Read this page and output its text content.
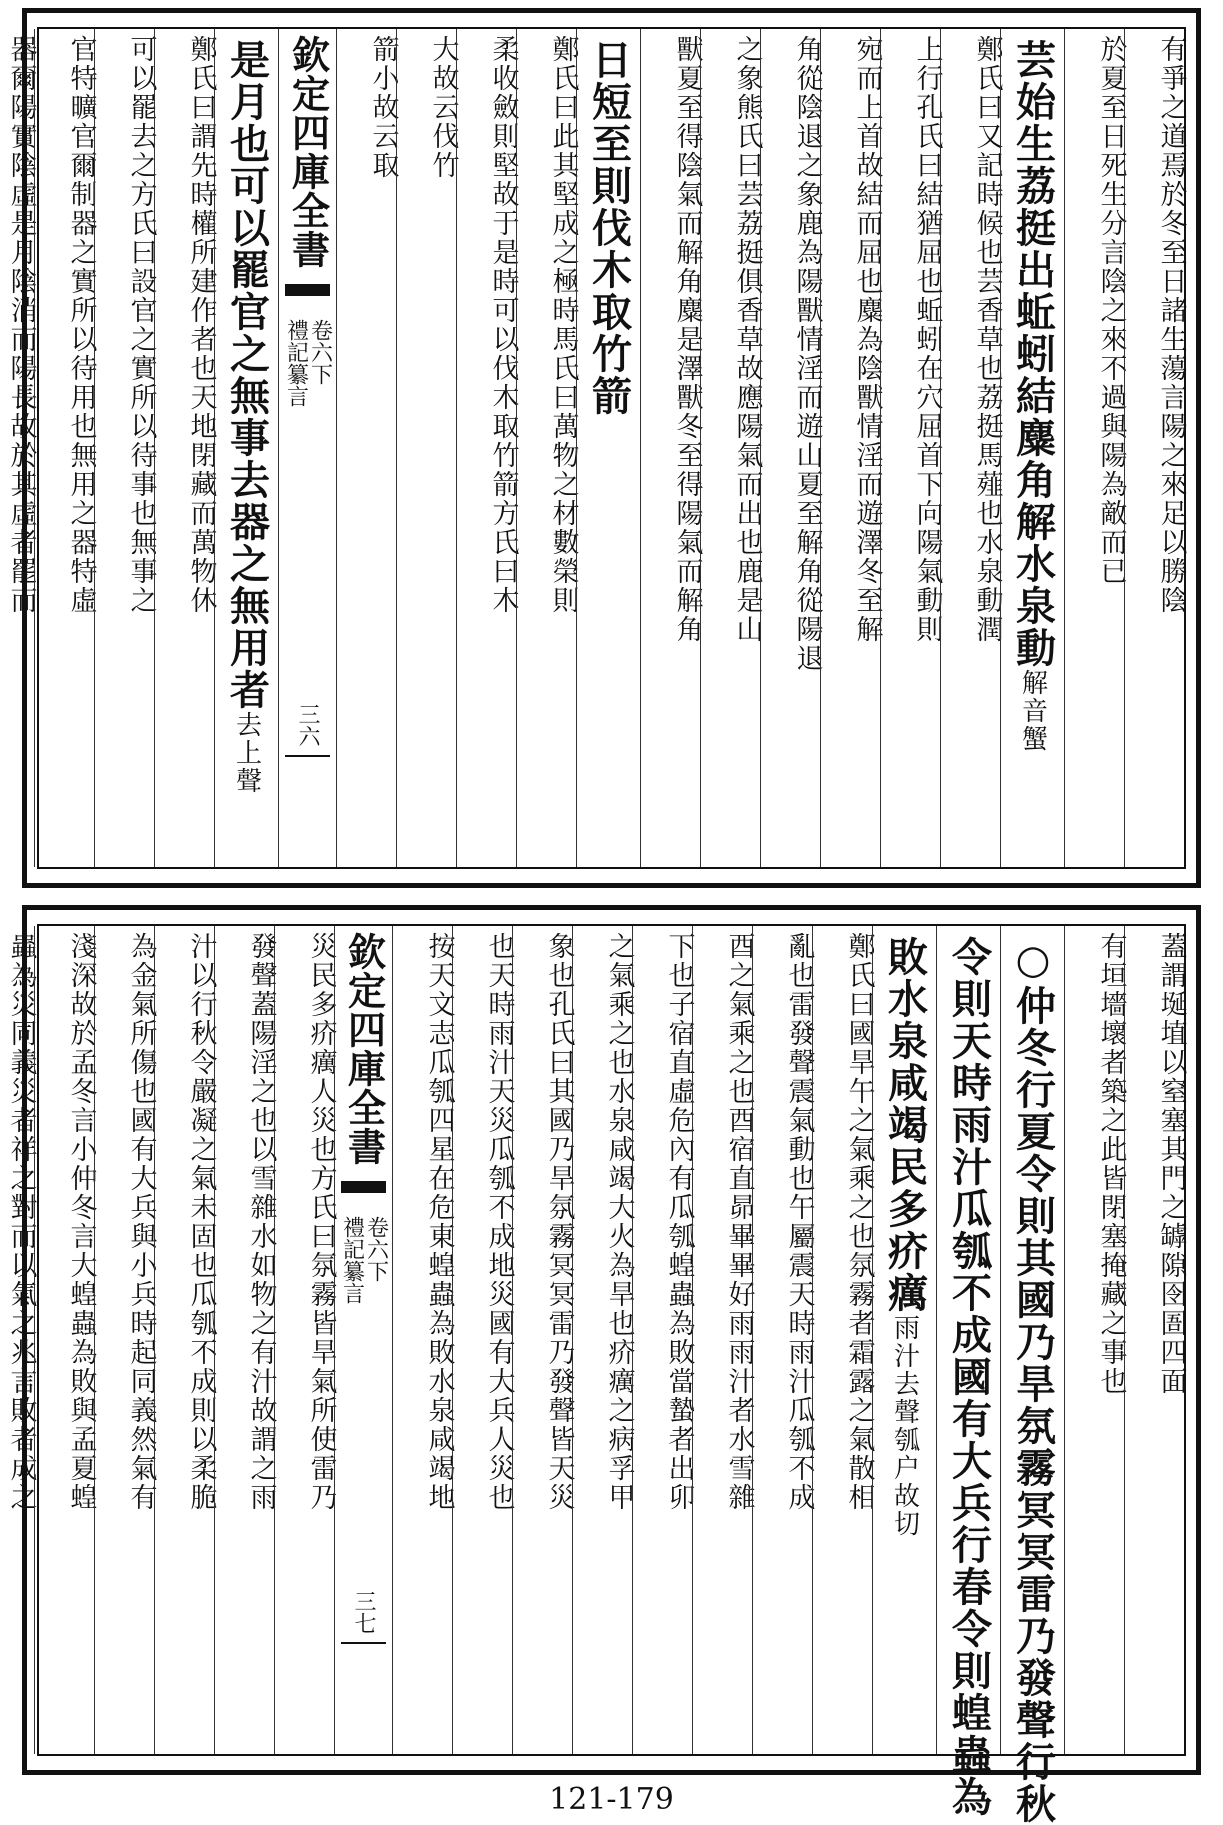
有爭之道焉於冬至日諸生蕩言陽之來足以勝陰
於夏至日死生分言陰之來不過與陽為敵而已
芸始生荔挺出蚯蚓結麋角解水泉動解音蟹
鄭氏曰又記時候也芸香草也荔挺馬薤也水泉動潤
上行孔氏曰結猶屈也蚯蚓在穴屈首下向陽氣動則
宛而上首故結而屈也麋為陰獸情淫而遊澤冬至解
角從陰退之象鹿為陽獸情淫而遊山夏至解角從陽退
之象熊氏曰芸荔挺俱香草故應陽氣而出也鹿是山
獸夏至得陰氣而解角麋是澤獸冬至得陽氣而解角
日短至則伐木取竹箭
鄭氏曰此其堅成之極時馬氏曰萬物之材數榮則
柔收斂則堅故于是時可以伐木取竹箭方氏曰木
大故云伐竹
箭小故云取
欽定四庫全書
禮記纂言 卷六下
三六
是月也可以罷官之無事去器之無用者去上聲
鄭氏曰謂先時權所建作者也天地閉藏而萬物休
可以罷去之方氏曰設官之實所以待事也無事之
官特曠官爾制器之實所以待用也無用之器特虛
器爾陽實陰虛是月陰消而陽長故於其虛者罷而
蓋謂埏埴以窒塞其門之罅隙囹圄四面
有垣墻壞者築之此皆閉塞掩藏之事也
○仲冬行夏令則其國乃旱氛霧冥冥雷乃發聲行秋
令則天時雨汁瓜瓠不成國有大兵行春令則蝗蟲為
敗水泉咸竭民多疥癘雨汁去聲瓠户故切
鄭氏曰國旱午之氣乘之也氛霧者霜露之氣散相
亂也雷發聲震氣動也午屬震天時雨汁瓜瓠不成
酉之氣乘之也酉宿直昴畢畢好雨雨汁者水雪雜
下也子宿直虛危內有瓜瓠蝗蟲為敗當蟄者出卯
之氣乘之也水泉咸竭大火為旱也疥癘之病孚甲
象也孔氏曰其國乃旱氛霧冥冥雷乃發聲皆天災
也天時雨汁天災瓜瓠不成地災國有大兵人災也
按天文志瓜瓠四星在危東蝗蟲為敗水泉咸竭地
欽定四庫全書
禮記纂言 卷六下
三七
災民多疥癘人災也方氏曰氛霧皆旱氣所使雷乃
發聲蓋陽淫之也以雪雜水如物之有汁故謂之雨
汁以行秋令嚴凝之氣未固也瓜瓠不成則以柔脆
為金氣所傷也國有大兵與小兵時起同義然氣有
淺深故於孟冬言小仲冬言大蝗蟲為敗與孟夏蝗
蟲為災同義災者祥之對而以氣之兆言敗者成之
121-179
